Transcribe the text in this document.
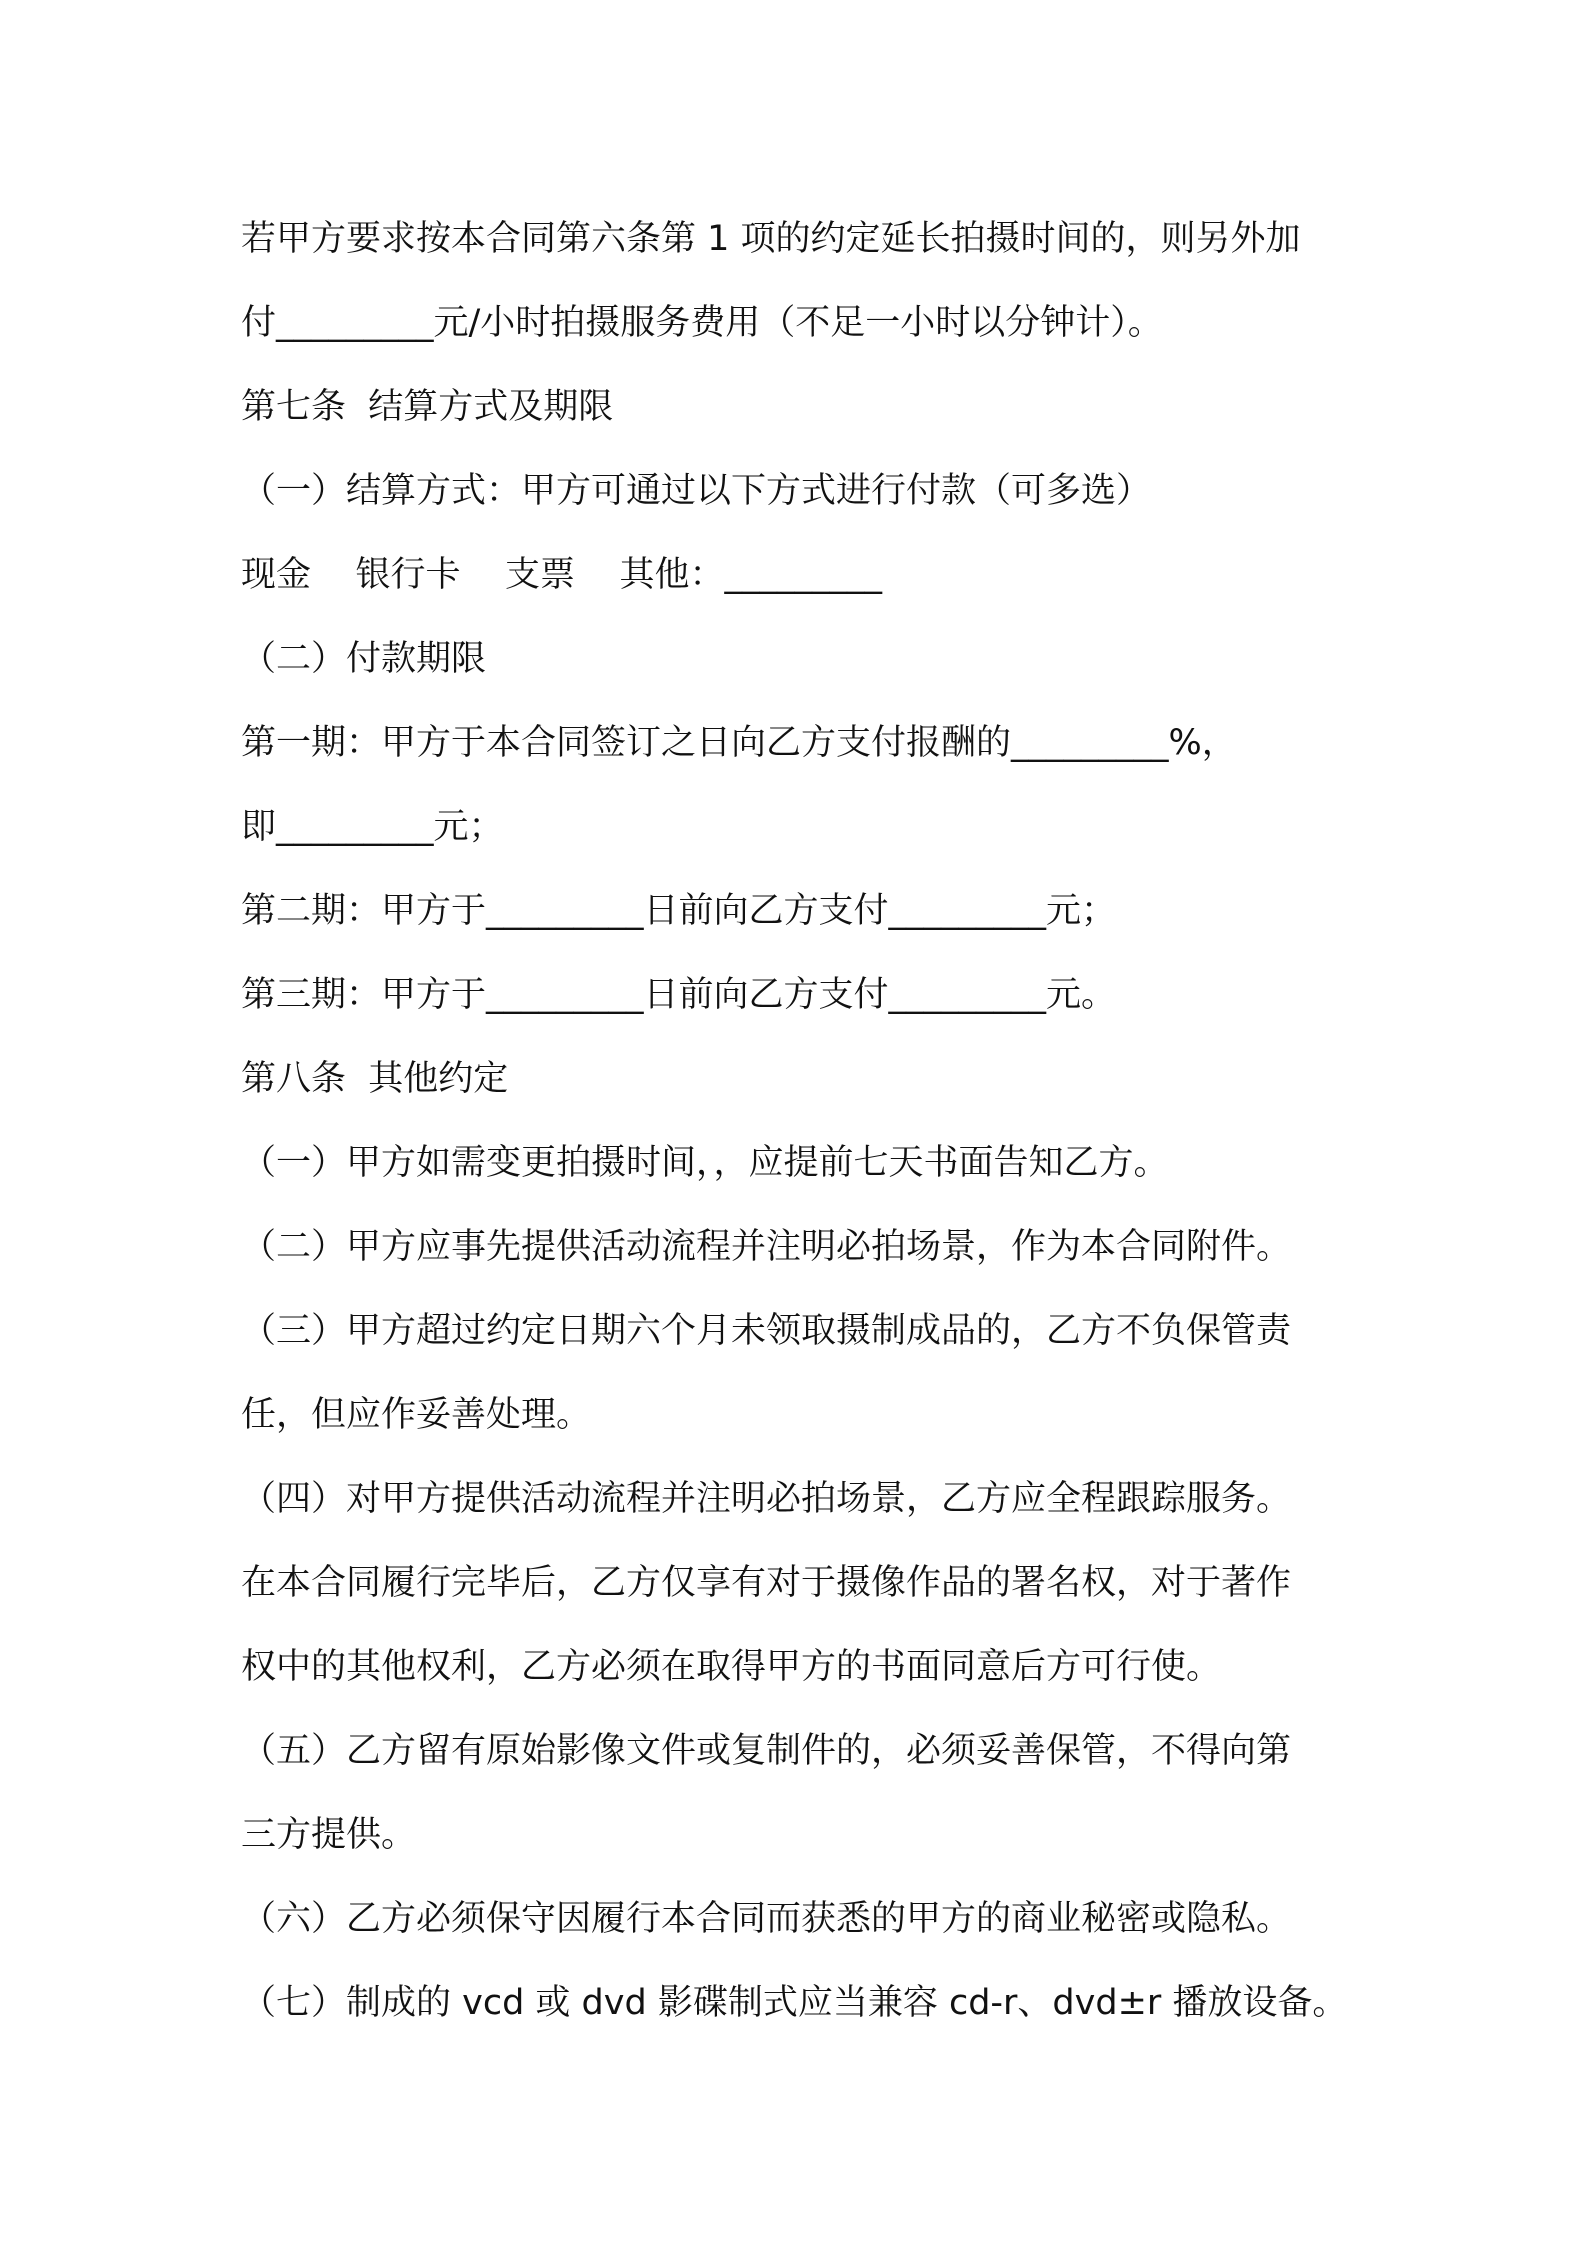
若甲方要求按本合同第六条第 1 项的约定延长拍摄时间的，则另外加
付_________元/小时拍摄服务费用（不足一小时以分钟计）。
第七条  结算方式及期限
（一）结算方式：甲方可通过以下方式进行付款（可多选）
现金    银行卡    支票    其他：_________
（二）付款期限
第一期：甲方于本合同签订之日向乙方支付报酬的_________%，
即_________元；
第二期：甲方于_________日前向乙方支付_________元；
第三期：甲方于_________日前向乙方支付_________元。
第八条  其他约定
（一）甲方如需变更拍摄时间，，应提前七天书面告知乙方。
（二）甲方应事先提供活动流程并注明必拍场景，作为本合同附件。
（三）甲方超过约定日期六个月未领取摄制成品的，乙方不负保管责
任，但应作妥善处理。
（四）对甲方提供活动流程并注明必拍场景，乙方应全程跟踪服务。
在本合同履行完毕后，乙方仅享有对于摄像作品的署名权，对于著作
权中的其他权利，乙方必须在取得甲方的书面同意后方可行使。
（五）乙方留有原始影像文件或复制件的，必须妥善保管，不得向第
三方提供。
（六）乙方必须保守因履行本合同而获悉的甲方的商业秘密或隐私。
（七）制成的 vcd 或 dvd 影碟制式应当兼容 cd-r、dvd±r 播放设备。
